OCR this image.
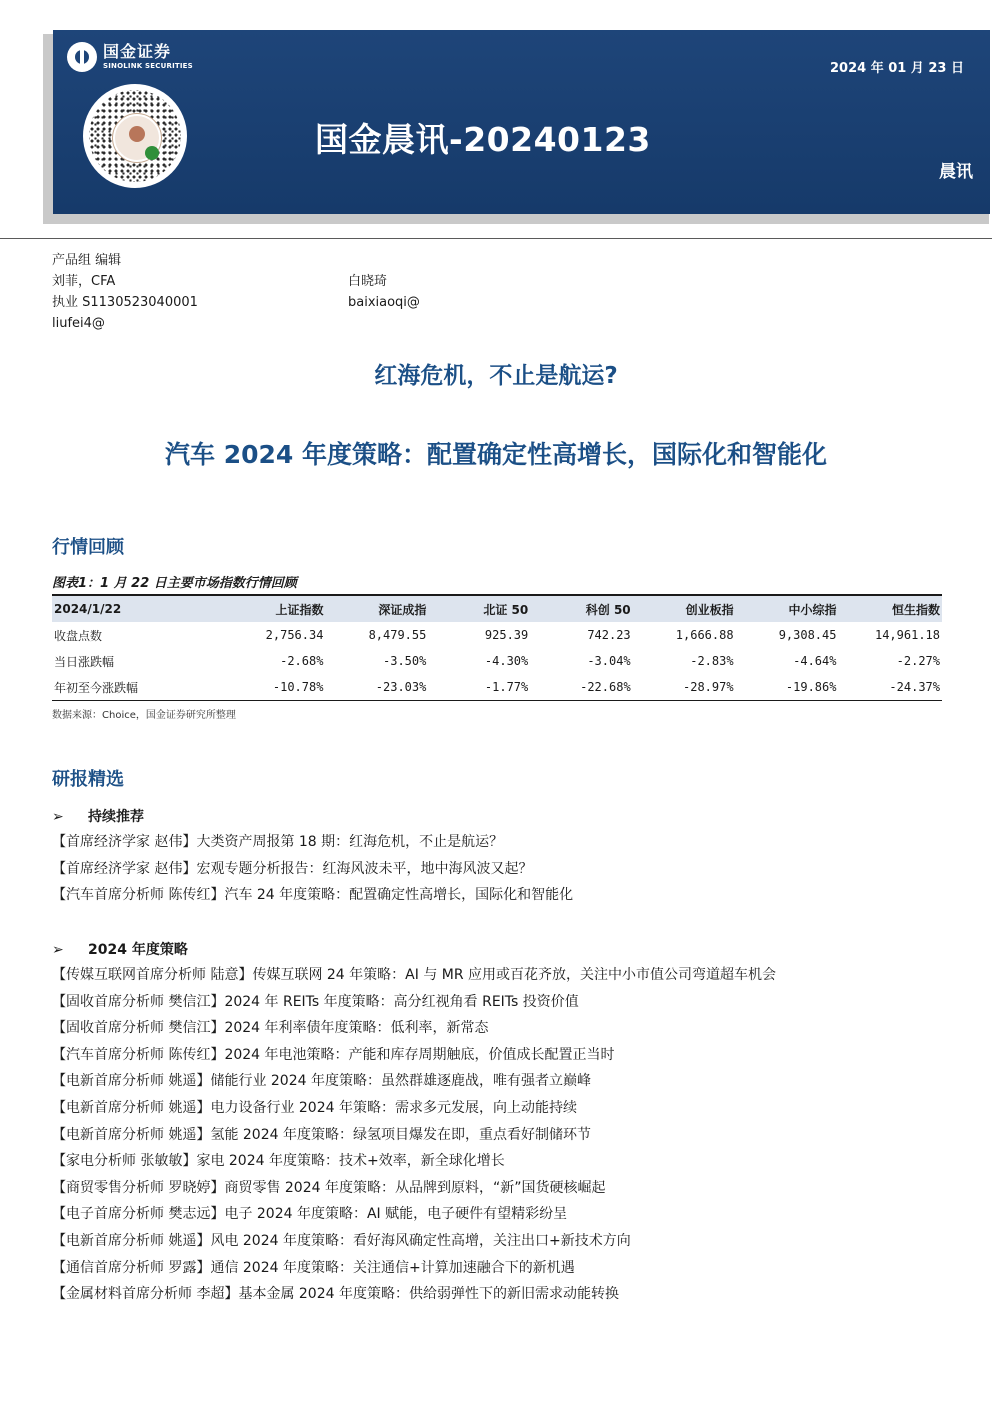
国金证券
SINOLINK SECURITIES	2024 年 01 月 23 日
国金晨讯-20240123
晨讯
产品组 编辑
刘菲，CFA
执业 S1130523040001
liufei4@
白晓琦
baixiaoqi@
红海危机，不止是航运?
汽车 2024 年度策略：配置确定性高增长，国际化和智能化
行情回顾
图表1：1 月 22 日主要市场指数行情回顾
2024/1/22	上证指数	深证成指	北证 50	科创 50	创业板指	中小综指	恒生指数
收盘点数	2,756.34	8,479.55	925.39	742.23	1,666.88	9,308.45	14,961.18
当日涨跌幅	-2.68%	-3.50%	-4.30%	-3.04%	-2.83%	-4.64%	-2.27%
年初至今涨跌幅	-10.78%	-23.03%	-1.77%	-22.68%	-28.97%	-19.86%	-24.37%
数据来源：Choice，国金证券研究所整理
研报精选
➢ 持续推荐
【首席经济学家 赵伟】大类资产周报第 18 期：红海危机，不止是航运？
【首席经济学家 赵伟】宏观专题分析报告：红海风波未平，地中海风波又起？
【汽车首席分析师 陈传红】汽车 24 年度策略：配置确定性高增长，国际化和智能化
➢ 2024 年度策略
【传媒互联网首席分析师 陆意】传媒互联网 24 年策略：AI 与 MR 应用或百花齐放，关注中小市值公司弯道超车机会
【固收首席分析师 樊信江】2024 年 REITs 年度策略：高分红视角看 REITs 投资价值
【固收首席分析师 樊信江】2024 年利率债年度策略：低利率，新常态
【汽车首席分析师 陈传红】2024 年电池策略：产能和库存周期触底，价值成长配置正当时
【电新首席分析师 姚遥】储能行业 2024 年度策略：虽然群雄逐鹿战，唯有强者立巅峰
【电新首席分析师 姚遥】电力设备行业 2024 年策略：需求多元发展，向上动能持续
【电新首席分析师 姚遥】氢能 2024 年度策略：绿氢项目爆发在即，重点看好制储环节
【家电分析师 张敏敏】家电 2024 年度策略：技术+效率，新全球化增长
【商贸零售分析师 罗晓婷】商贸零售 2024 年度策略：从品牌到原料，“新”国货硬核崛起
【电子首席分析师 樊志远】电子 2024 年度策略：AI 赋能，电子硬件有望精彩纷呈
【电新首席分析师 姚遥】风电 2024 年度策略：看好海风确定性高增，关注出口+新技术方向
【通信首席分析师 罗露】通信 2024 年度策略：关注通信+计算加速融合下的新机遇
【金属材料首席分析师 李超】基本金属 2024 年度策略：供给弱弹性下的新旧需求动能转换
